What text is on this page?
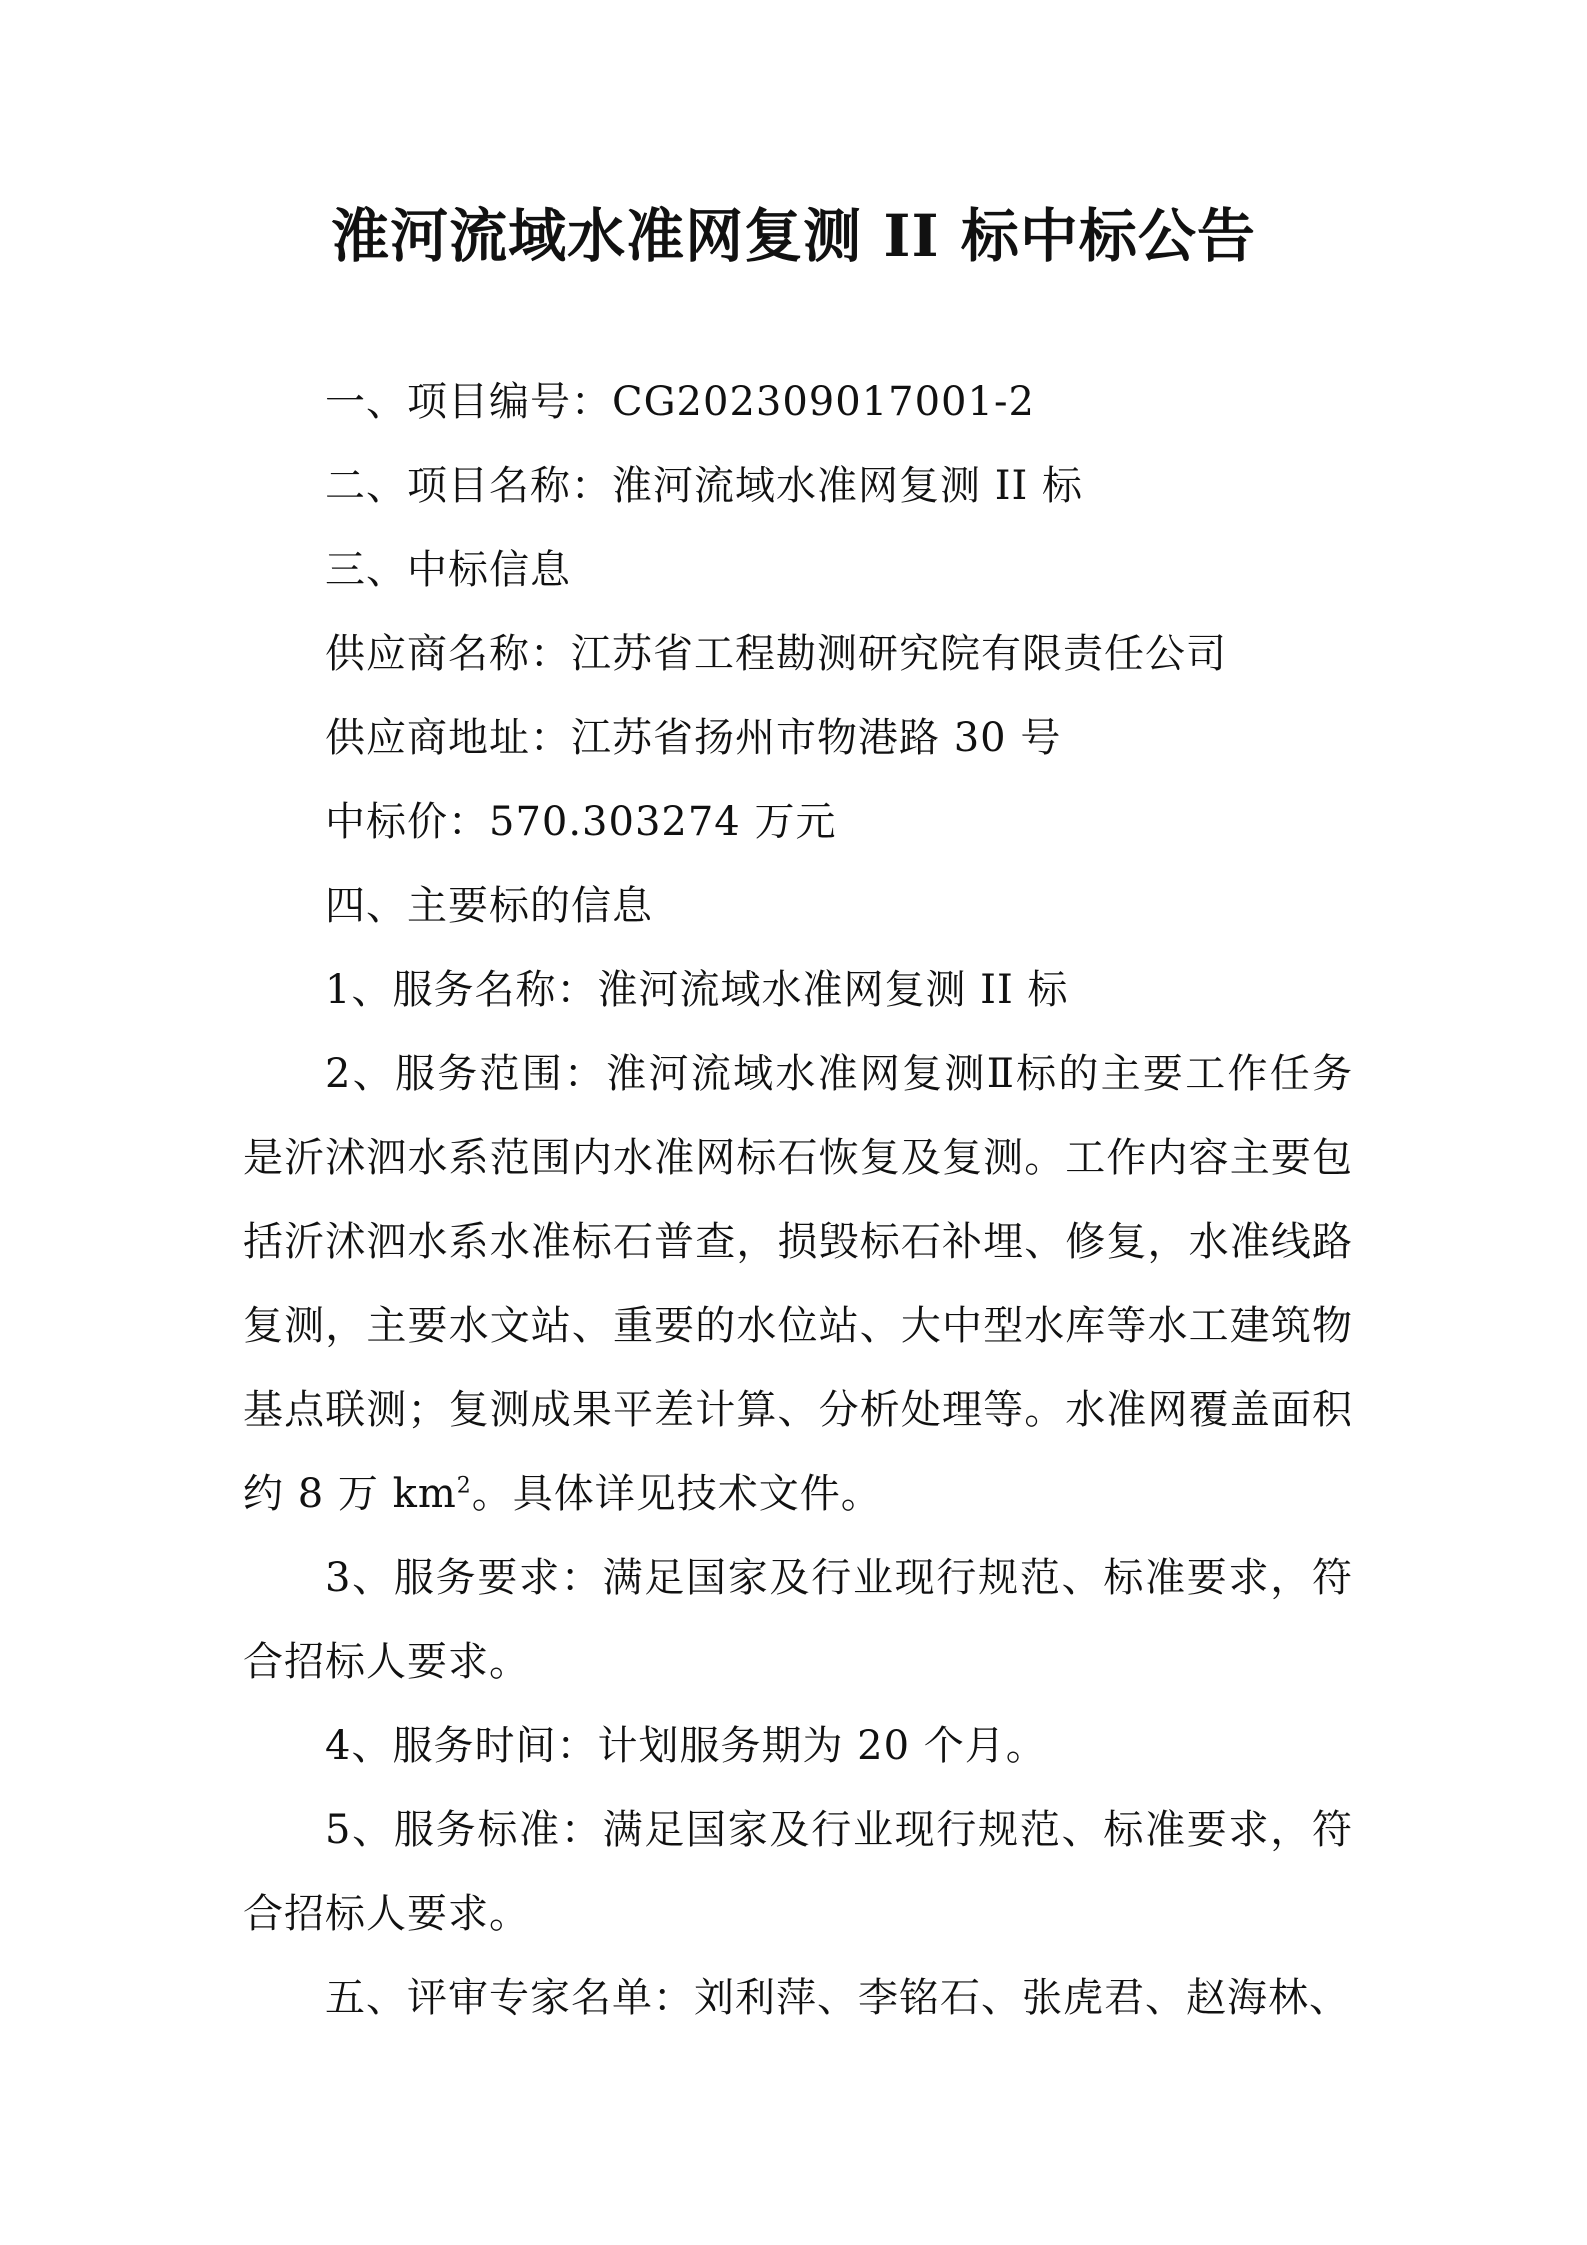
淮河流域水准网复测 II 标中标公告

一、项目编号：CG202309017001-2

二、项目名称：淮河流域水准网复测 II 标

三、中标信息

供应商名称：江苏省工程勘测研究院有限责任公司

供应商地址：江苏省扬州市物港路 30 号

中标价：570.303274 万元

四、主要标的信息

1、服务名称：淮河流域水准网复测 II 标

2、服务范围：淮河流域水准网复测Ⅱ标的主要工作任务是沂沭泗水系范围内水准网标石恢复及复测。工作内容主要包括沂沭泗水系水准标石普查，损毁标石补埋、修复，水准线路复测，主要水文站、重要的水位站、大中型水库等水工建筑物基点联测；复测成果平差计算、分析处理等。水准网覆盖面积约 8 万 $km^2$。具体详见技术文件。

3、服务要求：满足国家及行业现行规范、标准要求，符合招标人要求。

4、服务时间：计划服务期为 20 个月。

5、服务标准：满足国家及行业现行规范、标准要求，符合招标人要求。

五、评审专家名单：刘利萍、李铭石、张虎君、赵海林、
